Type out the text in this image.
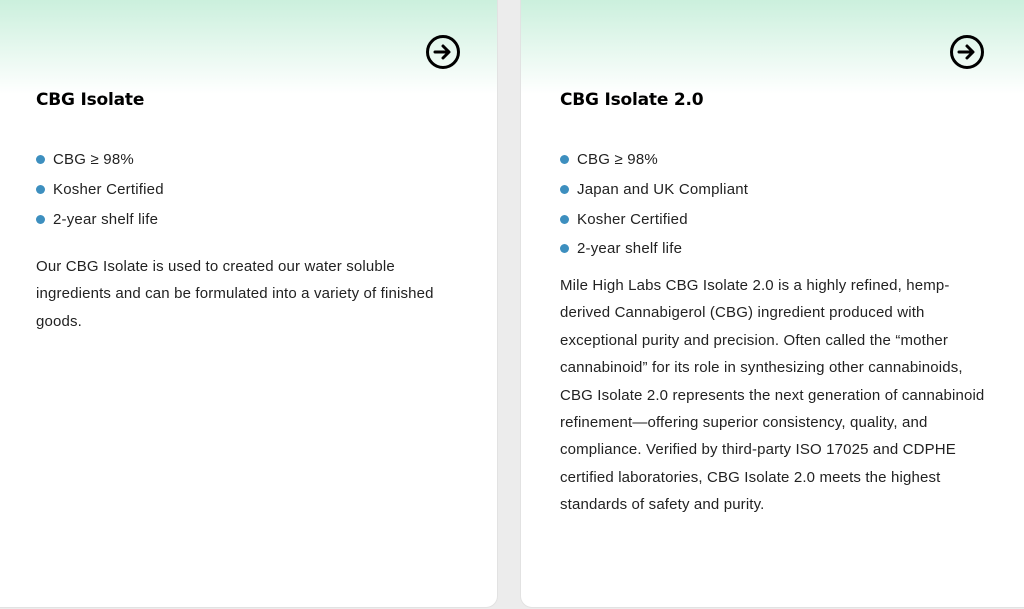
CBG Isolate
CBG ≥ 98%
Kosher Certified
2-year shelf life

Our CBG Isolate is used to created our water soluble ingredients and can be formulated into a variety of finished goods.

CBG Isolate 2.0
CBG ≥ 98%
Japan and UK Compliant
Kosher Certified
2-year shelf life

Mile High Labs CBG Isolate 2.0 is a highly refined, hemp-derived Cannabigerol (CBG) ingredient produced with exceptional purity and precision. Often called the “mother cannabinoid” for its role in synthesizing other cannabinoids, CBG Isolate 2.0 represents the next generation of cannabinoid refinement—offering superior consistency, quality, and compliance. Verified by third-party ISO 17025 and CDPHE certified laboratories, CBG Isolate 2.0 meets the highest standards of safety and purity.
